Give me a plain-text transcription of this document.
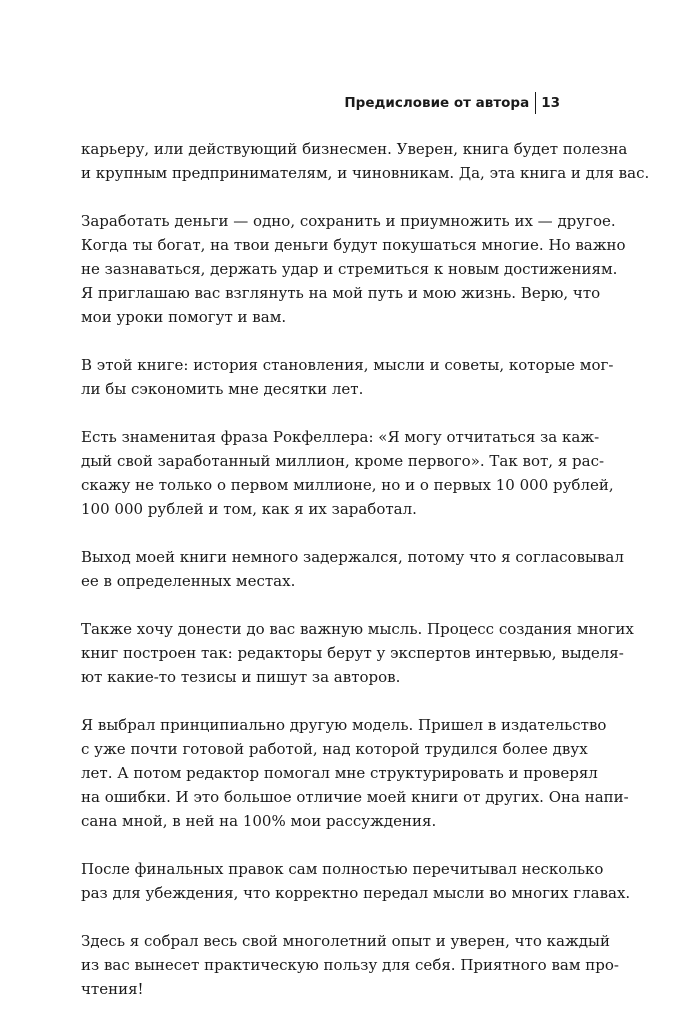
Предисловие от автора 13
карьеру, или действующий бизнесмен. Уверен, книга будет полезна
и крупным предпринимателям, и чиновникам. Да, эта книга и для вас.
Заработать деньги — одно, сохранить и приумножить их — другое.
Когда ты богат, на твои деньги будут покушаться многие. Но важно
не зазнаваться, держать удар и стремиться к новым достижениям.
Я приглашаю вас взглянуть на мой путь и мою жизнь. Верю, что
мои уроки помогут и вам.
В этой книге: история становления, мысли и советы, которые мог-
ли бы сэкономить мне десятки лет.
Есть знаменитая фраза Рокфеллера: «Я могу отчитаться за каж-
дый свой заработанный миллион, кроме первого». Так вот, я рас-
скажу не только о первом миллионе, но и о первых 10 000 рублей,
100 000 рублей и том, как я их заработал.
Выход моей книги немного задержался, потому что я согласовывал
ее в определенных местах.
Также хочу донести до вас важную мысль. Процесс создания многих
книг построен так: редакторы берут у экспертов интервью, выделя-
ют какие-то тезисы и пишут за авторов.
Я выбрал принципиально другую модель. Пришел в издательство
с уже почти готовой работой, над которой трудился более двух
лет. А потом редактор помогал мне структурировать и проверял
на ошибки. И это большое отличие моей книги от других. Она напи-
сана мной, в ней на 100% мои рассуждения.
После финальных правок сам полностью перечитывал несколько
раз для убеждения, что корректно передал мысли во многих главах.
Здесь я собрал весь свой многолетний опыт и уверен, что каждый
из вас вынесет практическую пользу для себя. Приятного вам про-
чтения!
